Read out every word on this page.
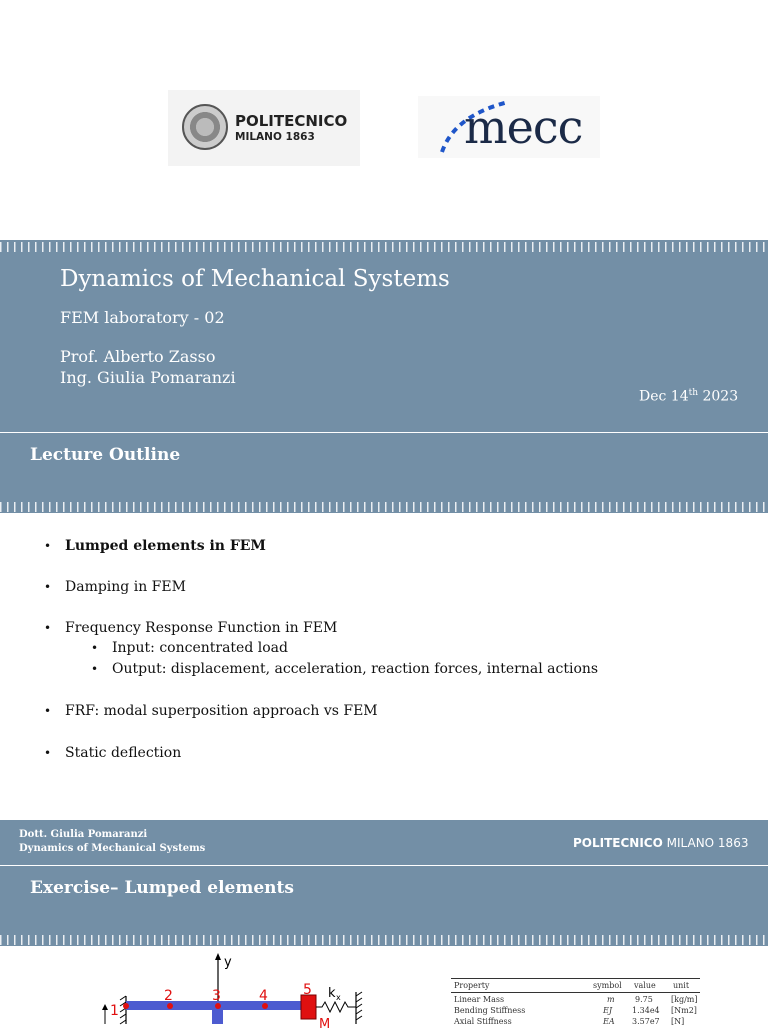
POLITECNICO
MILANO 1863	mecc
Dynamics of Mechanical Systems
FEM laboratory - 02
Prof. Alberto Zasso
Ing. Giulia Pomaranzi
Dec 14th 2023
Lecture Outline
• Lumped elements in FEM
• Damping in FEM
• Frequency Response Function in FEM
• Input: concentrated load
• Output: displacement, acceleration, reaction forces, internal actions
• FRF: modal superposition approach vs FEM
• Static deflection
Dott. Giulia Pomaranzi
Dynamics of Mechanical Systems	POLITECNICO MILANO 1863
Exercise– Lumped elements
y
1
2	3	4	5 k x
M
Property	symbol value unit
Linear Mass	m	9.75 [kg/m]
Bending Stiffness	EJ 1.34e4 [Nm2]
Axial Stiffness	EA 3.57e7 [N]
